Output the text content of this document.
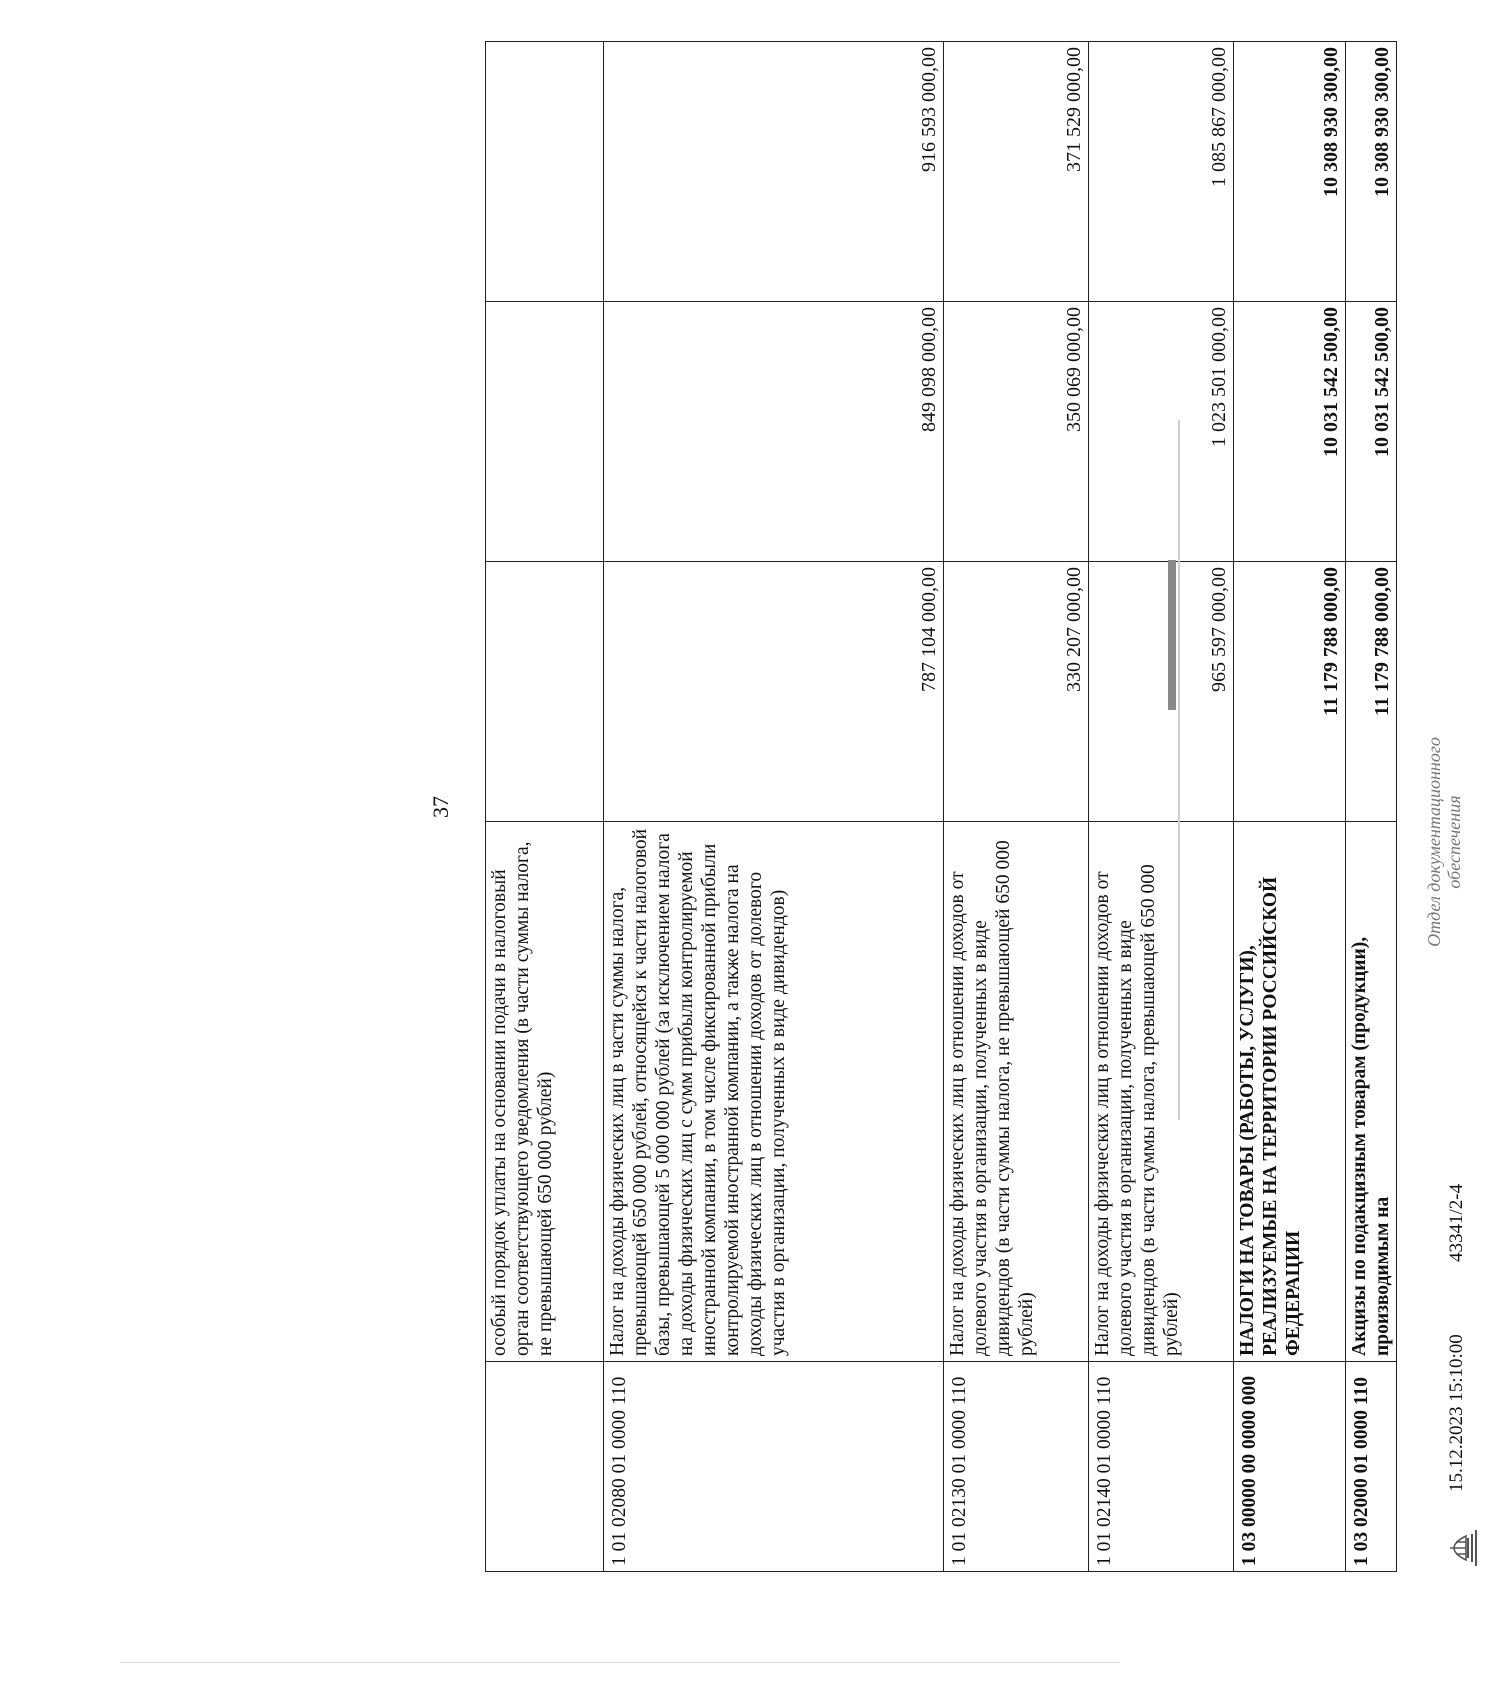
37
	особый порядок уплаты на основании подачи в налоговый орган соответствующего уведомления (в части суммы налога, не превышающей 650 000 рублей)			
1 01 02080 01 0000 110	Налог на доходы физических лиц в части суммы налога, превышающей 650 000 рублей, относящейся к части налоговой базы, превышающей 5 000 000 рублей (за исключением налога на доходы физических лиц с сумм прибыли контролируемой иностранной компании, в том числе фиксированной прибыли контролируемой иностранной компании, а также налога на доходы физических лиц в отношении доходов от долевого участия в организации, полученных в виде дивидендов)	787 104 000,00	849 098 000,00	916 593 000,00
1 01 02130 01 0000 110	Налог на доходы физических лиц в отношении доходов от долевого участия в организации, полученных в виде дивидендов (в части суммы налога, не превышающей 650 000 рублей)	330 207 000,00	350 069 000,00	371 529 000,00
1 01 02140 01 0000 110	Налог на доходы физических лиц в отношении доходов от долевого участия в организации, полученных в виде дивидендов (в части суммы налога, превышающей 650 000 рублей)	965 597 000,00	1 023 501 000,00	1 085 867 000,00
1 03 00000 00 0000 000	НАЛОГИ НА ТОВАРЫ (РАБОТЫ, УСЛУГИ), РЕАЛИЗУЕМЫЕ НА ТЕРРИТОРИИ РОССИЙСКОЙ ФЕДЕРАЦИИ	11 179 788 000,00	10 031 542 500,00	10 308 930 300,00
1 03 02000 01 0000 110	Акцизы по подакцизным товарам (продукции), производимым на	11 179 788 000,00	10 031 542 500,00	10 308 930 300,00
15.12.2023 15:10:00
43341/2-4
Отдел документационного обеспечения
